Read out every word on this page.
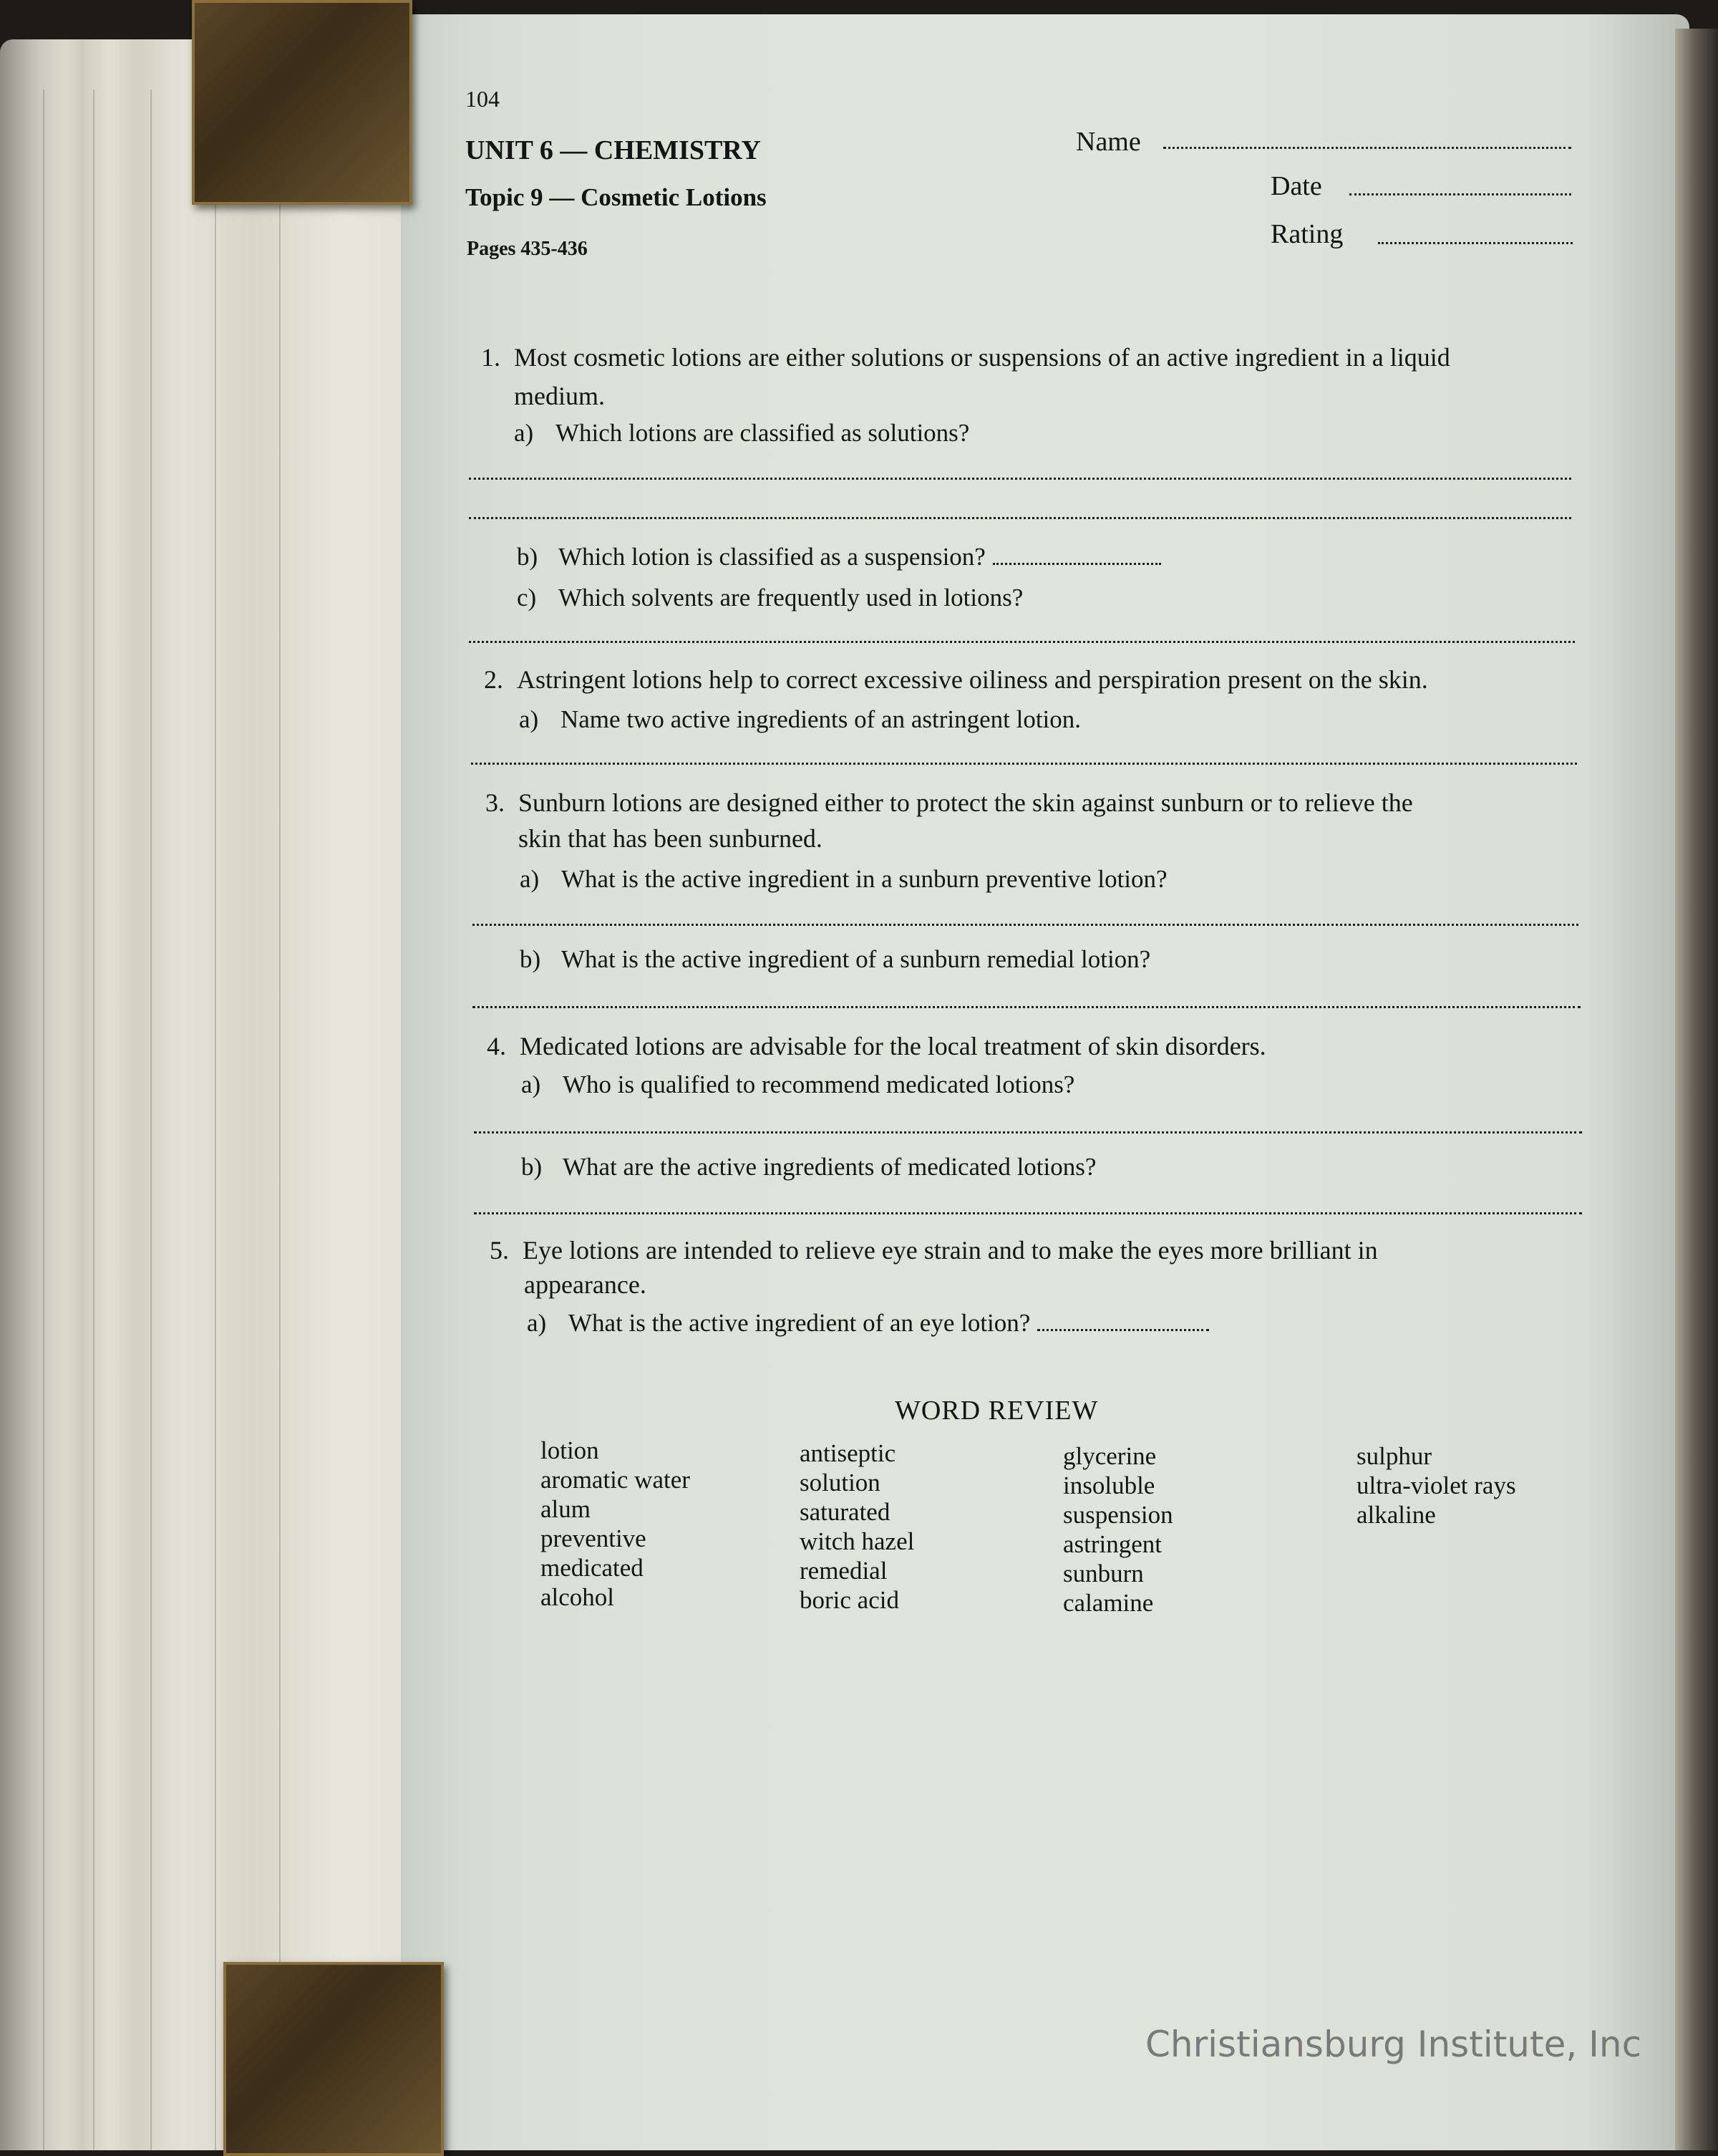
104
UNIT 6 — CHEMISTRY
Topic 9 — Cosmetic Lotions
Pages 435-436
Name
Date
Rating
1. Most cosmetic lotions are either solutions or suspensions of an active ingredient in a liquid
medium.
a) Which lotions are classified as solutions?
b) Which lotion is classified as a suspension?
c) Which solvents are frequently used in lotions?
2. Astringent lotions help to correct excessive oiliness and perspiration present on the skin.
a) Name two active ingredients of an astringent lotion.
3. Sunburn lotions are designed either to protect the skin against sunburn or to relieve the
skin that has been sunburned.
a) What is the active ingredient in a sunburn preventive lotion?
b) What is the active ingredient of a sunburn remedial lotion?
4. Medicated lotions are advisable for the local treatment of skin disorders.
a) Who is qualified to recommend medicated lotions?
b) What are the active ingredients of medicated lotions?
5. Eye lotions are intended to relieve eye strain and to make the eyes more brilliant in
appearance.
a) What is the active ingredient of an eye lotion?
WORD REVIEW
lotion
aromatic water
alum
preventive
medicated
alcohol
antiseptic
solution
saturated
witch hazel
remedial
boric acid
glycerine
insoluble
suspension
astringent
sunburn
calamine
sulphur
ultra-violet rays
alkaline
Christiansburg Institute, Inc
